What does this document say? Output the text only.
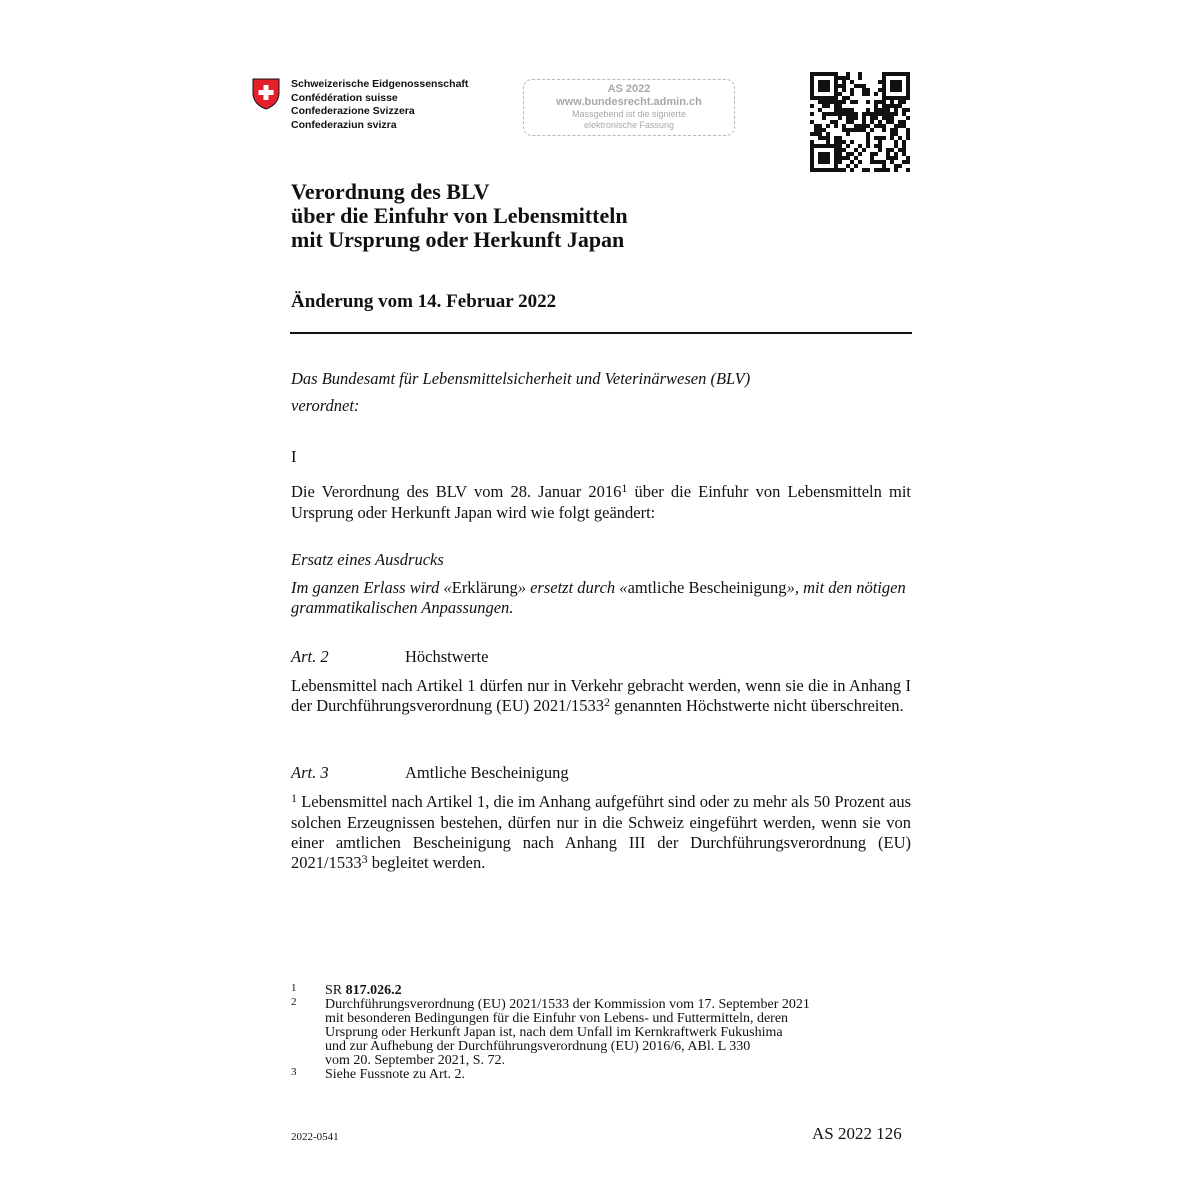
Schweizerische Eidgenossenschaft
Confédération suisse
Confederazione Svizzera
Confederaziun svizra
AS 2022
www.bundesrecht.admin.ch
Massgebend ist die signierte
elektronische Fassung
Verordnung des BLV
über die Einfuhr von Lebensmitteln
mit Ursprung oder Herkunft Japan
Änderung vom 14. Februar 2022
Das Bundesamt für Lebensmittelsicherheit und Veterinärwesen (BLV)
verordnet:
I
Die Verordnung des BLV vom 28. Januar 2016$^1$ über die Einfuhr von Lebensmitteln mit Ursprung oder Herkunft Japan wird wie folgt geändert:
Ersatz eines Ausdrucks
Im ganzen Erlass wird «Erklärung» ersetzt durch «amtliche Bescheinigung», mit den nötigen grammatikalischen Anpassungen.
Art. 2	Höchstwerte
Lebensmittel nach Artikel 1 dürfen nur in Verkehr gebracht werden, wenn sie die in Anhang I der Durchführungsverordnung (EU) 2021/1533$^2$ genannten Höchstwerte nicht überschreiten.
Art. 3	Amtliche Bescheinigung
$^1$ Lebensmittel nach Artikel 1, die im Anhang aufgeführt sind oder zu mehr als 50 Prozent aus solchen Erzeugnissen bestehen, dürfen nur in die Schweiz eingeführt werden, wenn sie von einer amtlichen Bescheinigung nach Anhang III der Durchführungsverordnung (EU) 2021/1533$^3$ begleitet werden.
1 SR 817.026.2
2 Durchführungsverordnung (EU) 2021/1533 der Kommission vom 17. September 2021
mit besonderen Bedingungen für die Einfuhr von Lebens- und Futtermitteln, deren
Ursprung oder Herkunft Japan ist, nach dem Unfall im Kernkraftwerk Fukushima
und zur Aufhebung der Durchführungsverordnung (EU) 2016/6, ABl. L 330
vom 20. September 2021, S. 72.
3 Siehe Fussnote zu Art. 2.
2022-0541	AS 2022 126
